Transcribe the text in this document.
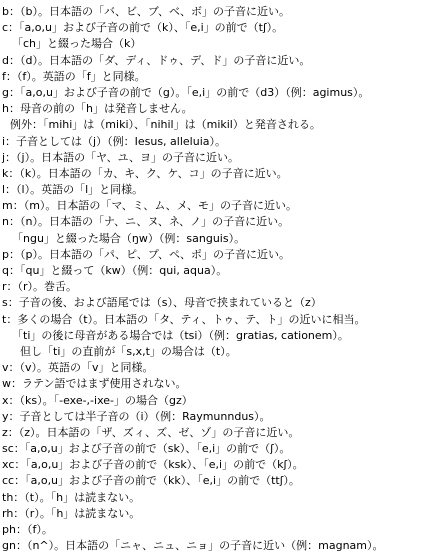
b：（b）。日本語の「バ、ビ、ブ、ベ、ボ」の子音に近い。
c：「a,o,u」および子音の前で（k）、「e,i」の前で（tʃ）。
「ch」と綴った場合（k）
d：（d）。日本語の「ダ、ディ、ドゥ、デ、ド」の子音に近い。
f：（f）。英語の「f」と同様。
g：「a,o,u」および子音の前で（g）。「e,i」の前で（d3）（例：agimus）。
h：母音の前の「h」は発音しません。
例外：「mihi」は（miki）、「nihil」は（mikil）と発音される。
i：子音としては（j）（例：Iesus, alleluia）。
j：（j）。日本語の「ヤ、ユ、ヨ」の子音に近い。
k：（k）。日本語の「カ、キ、ク、ケ、コ」の子音に近い。
l：（l）。英語の「l」と同様。
m：（m）。日本語の「マ、ミ、ム、メ、モ」の子音に近い。
n：（n）。日本語の「ナ、ニ、ヌ、ネ、ノ」の子音に近い。
「ngu」と綴った場合（ŋw）（例：sanguis）。
p：（p）。日本語の「パ、ピ、プ、ペ、ポ」の子音に近い。
q：「qu」と綴って（kw）（例：qui, aqua）。
r：（r）。巻舌。
s：子音の後、および語尾では（s）、母音で挟まれていると（z）
t：多くの場合（t）。日本語の「タ、ティ、トゥ、テ、ト」の近いに相当。
「ti」の後に母音がある場合では（tsi）（例：gratias, cationem）。
但し「ti」の直前が「s,x,t」の場合は（t）。
v：（v）。英語の「v」と同様。
w：ラテン語ではまず使用されない。
x：（ks）。「-exe-,-ixe-」の場合（gz）
y：子音としては半子音の（i）（例：Raymunndus）。
z：（z）。日本語の「ザ、ズィ、ズ、ゼ、ゾ」の子音に近い。
sc：「a,o,u」および子音の前で（sk）、「e,i」の前で（ʃ）。
xc：「a,o,u」および子音の前で（ksk）、「e,i」の前で（kʃ）。
cc：「a,o,u」および子音の前で（kk）、「e,i」の前で（ttʃ）。
th：（t）。「h」は読まない。
rh：（r）。「h」は読まない。
ph：（f）。
gn：（n^）。日本語の「ニャ、ニュ、ニョ」の子音に近い（例：magnam）。
